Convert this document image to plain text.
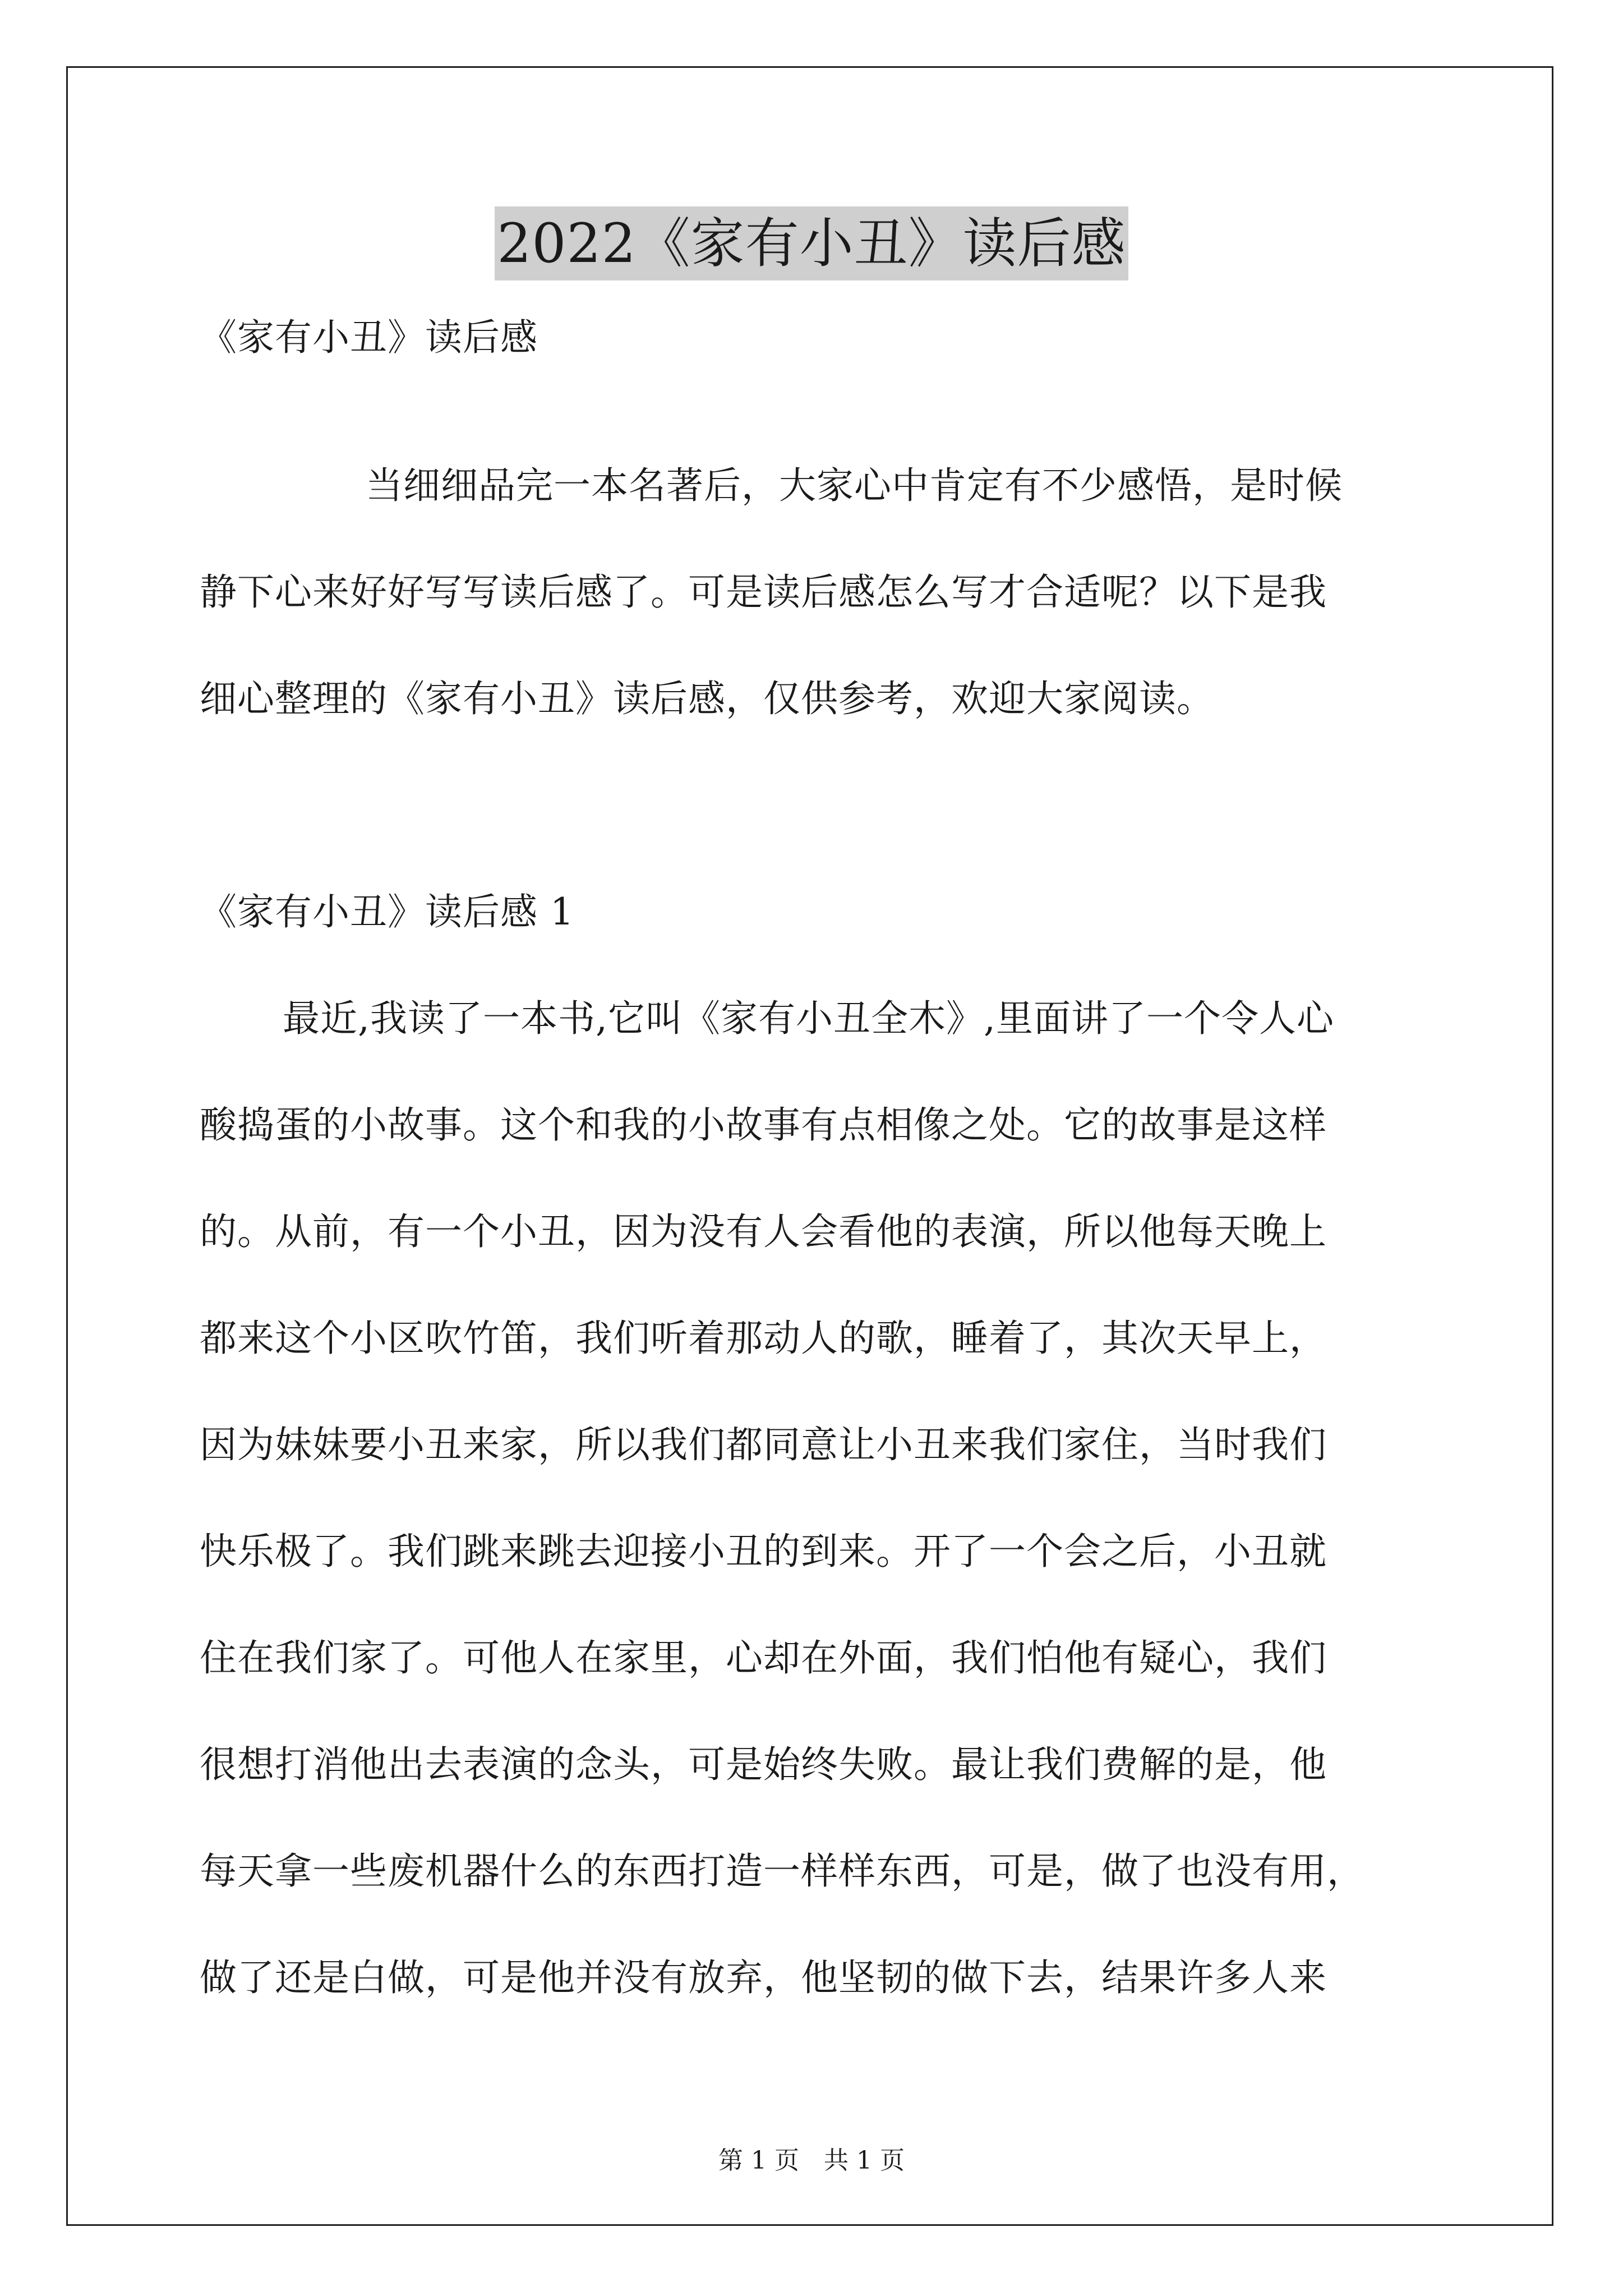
2022《家有小丑》读后感
《家有小丑》读后感
当细细品完一本名著后，大家心中肯定有不少感悟，是时候
静下心来好好写写读后感了。可是读后感怎么写才合适呢？以下是我
细心整理的《家有小丑》读后感，仅供参考，欢迎大家阅读。
《家有小丑》读后感 1
最近,我读了一本书,它叫《家有小丑全木》,里面讲了一个令人心
酸捣蛋的小故事。这个和我的小故事有点相像之处。它的故事是这样
的。从前，有一个小丑，因为没有人会看他的表演，所以他每天晚上
都来这个小区吹竹笛，我们听着那动人的歌，睡着了，其次天早上，
因为妹妹要小丑来家，所以我们都同意让小丑来我们家住，当时我们
快乐极了。我们跳来跳去迎接小丑的到来。开了一个会之后，小丑就
住在我们家了。可他人在家里，心却在外面，我们怕他有疑心，我们
很想打消他出去表演的念头，可是始终失败。最让我们费解的是，他
每天拿一些废机器什么的东西打造一样样东西，可是，做了也没有用，
做了还是白做，可是他并没有放弃，他坚韧的做下去，结果许多人来
第 1 页　共 1 页
